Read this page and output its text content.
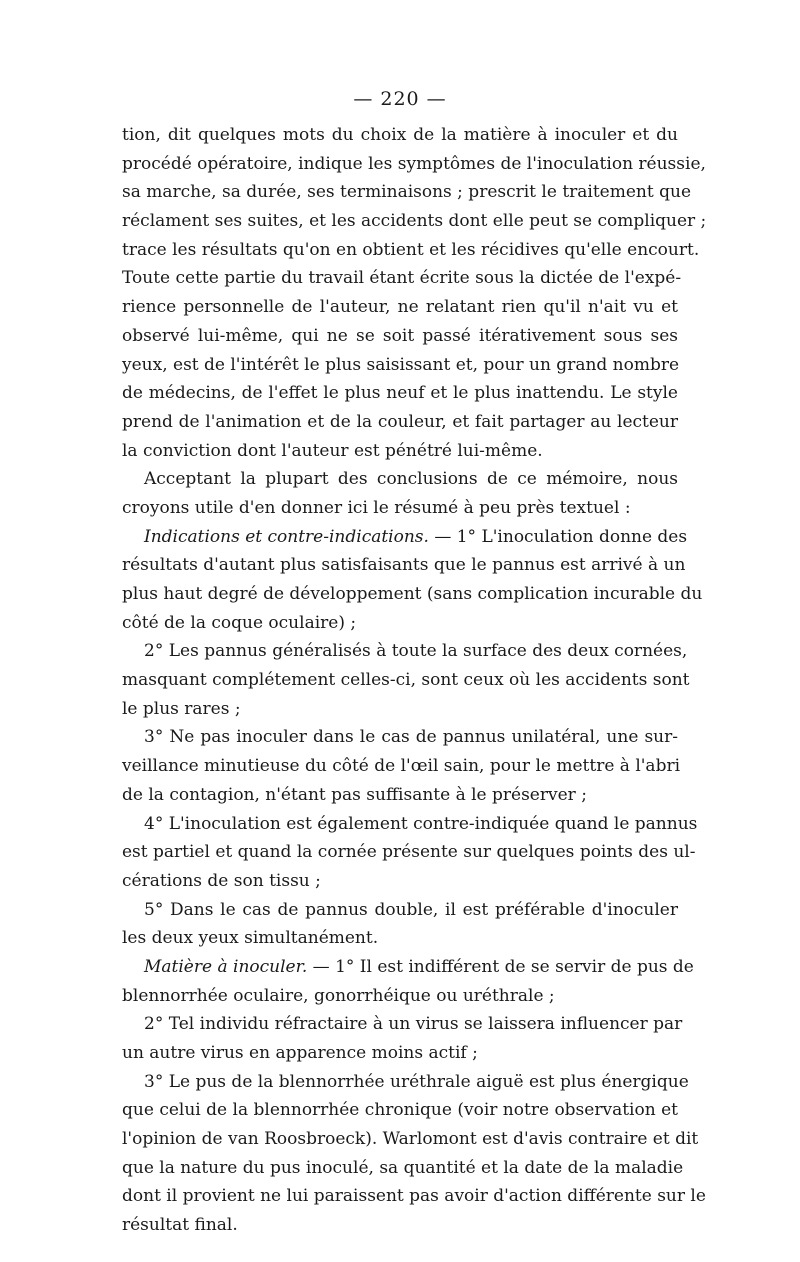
— 220 —
tion, dit quelques mots du choix de la matière à inoculer et du
procédé opératoire, indique les symptômes de l'inoculation réussie,
sa marche, sa durée, ses terminaisons ; prescrit le traitement que
réclament ses suites, et les accidents dont elle peut se compliquer ;
trace les résultats qu'on en obtient et les récidives qu'elle encourt.
Toute cette partie du travail étant écrite sous la dictée de l'expé-
rience personnelle de l'auteur, ne relatant rien qu'il n'ait vu et
observé lui-même, qui ne se soit passé itérativement sous ses
yeux, est de l'intérêt le plus saisissant et, pour un grand nombre
de médecins, de l'effet le plus neuf et le plus inattendu. Le style
prend de l'animation et de la couleur, et fait partager au lecteur
la conviction dont l'auteur est pénétré lui-même.
Acceptant la plupart des conclusions de ce mémoire, nous
croyons utile d'en donner ici le résumé à peu près textuel :
Indications et contre-indications. — 1° L'inoculation donne des
résultats d'autant plus satisfaisants que le pannus est arrivé à un
plus haut degré de développement (sans complication incurable du
côté de la coque oculaire) ;
2° Les pannus généralisés à toute la surface des deux cornées,
masquant complétement celles-ci, sont ceux où les accidents sont
le plus rares ;
3° Ne pas inoculer dans le cas de pannus unilatéral, une sur-
veillance minutieuse du côté de l'œil sain, pour le mettre à l'abri
de la contagion, n'étant pas suffisante à le préserver ;
4° L'inoculation est également contre-indiquée quand le pannus
est partiel et quand la cornée présente sur quelques points des ul-
cérations de son tissu ;
5° Dans le cas de pannus double, il est préférable d'inoculer
les deux yeux simultanément.
Matière à inoculer. — 1° Il est indifférent de se servir de pus de
blennorrhée oculaire, gonorrhéique ou uréthrale ;
2° Tel individu réfractaire à un virus se laissera influencer par
un autre virus en apparence moins actif ;
3° Le pus de la blennorrhée uréthrale aiguë est plus énergique
que celui de la blennorrhée chronique (voir notre observation et
l'opinion de van Roosbroeck). Warlomont est d'avis contraire et dit
que la nature du pus inoculé, sa quantité et la date de la maladie
dont il provient ne lui paraissent pas avoir d'action différente sur le
résultat final.
